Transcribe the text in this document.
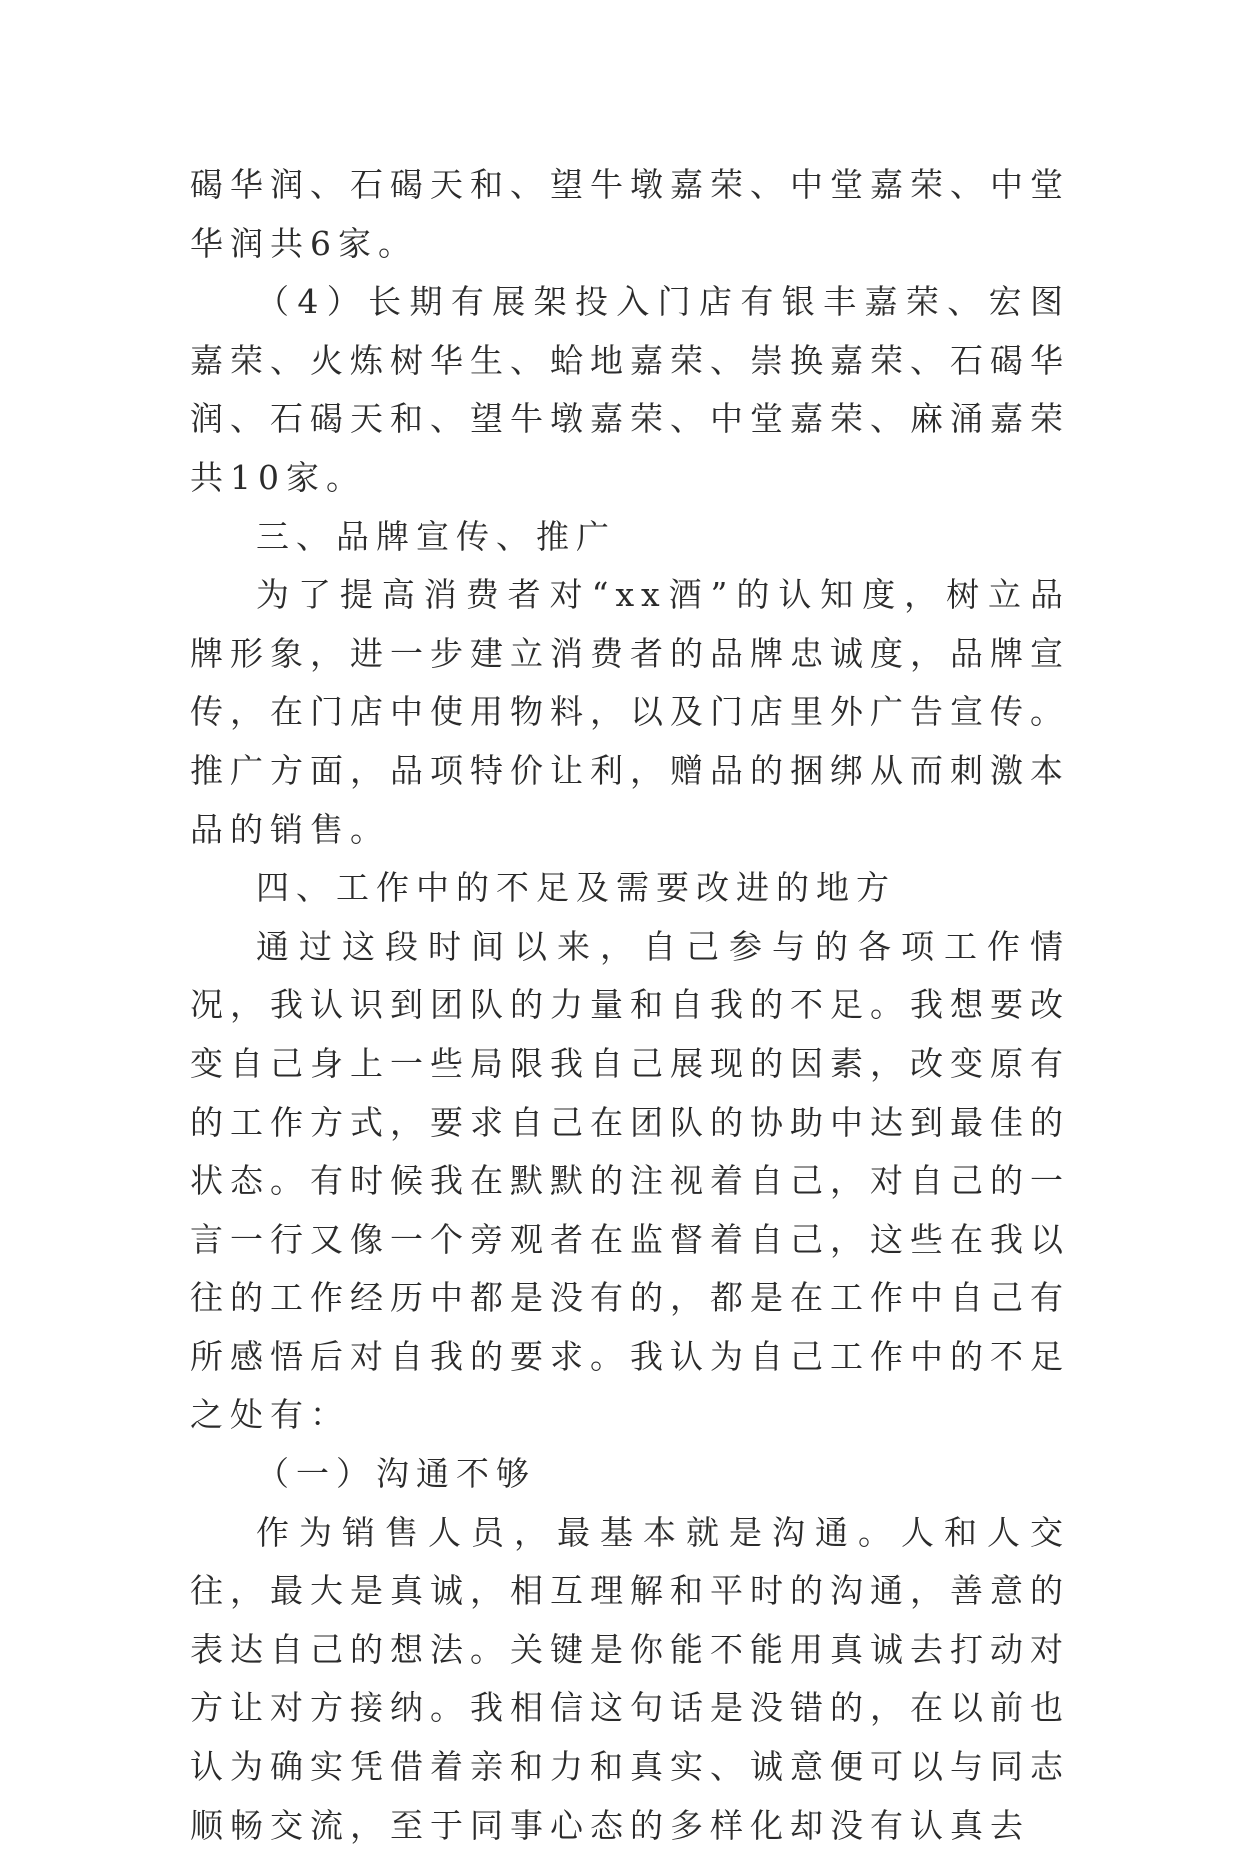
碣华润、石碣天和、望牛墩嘉荣、中堂嘉荣、中堂华润共6家。

（4）长期有展架投入门店有银丰嘉荣、宏图嘉荣、火炼树华生、蛤地嘉荣、崇换嘉荣、石碣华润、石碣天和、望牛墩嘉荣、中堂嘉荣、麻涌嘉荣共10家。

三、品牌宣传、推广

为了提高消费者对“xx酒”的认知度，树立品牌形象，进一步建立消费者的品牌忠诚度，品牌宣传，在门店中使用物料，以及门店里外广告宣传。推广方面，品项特价让利，赠品的捆绑从而刺激本品的销售。

四、工作中的不足及需要改进的地方

通过这段时间以来，自己参与的各项工作情况，我认识到团队的力量和自我的不足。我想要改变自己身上一些局限我自己展现的因素，改变原有的工作方式，要求自己在团队的协助中达到最佳的状态。有时候我在默默的注视着自己，对自己的一言一行又像一个旁观者在监督着自己，这些在我以往的工作经历中都是没有的，都是在工作中自己有所感悟后对自我的要求。我认为自己工作中的不足之处有：

（一）沟通不够

作为销售人员，最基本就是沟通。人和人交往，最大是真诚，相互理解和平时的沟通，善意的表达自己的想法。关键是你能不能用真诚去打动对方让对方接纳。我相信这句话是没错的，在以前也认为确实凭借着亲和力和真实、诚意便可以与同志顺畅交流，至于同事心态的多样化却没有认真去
